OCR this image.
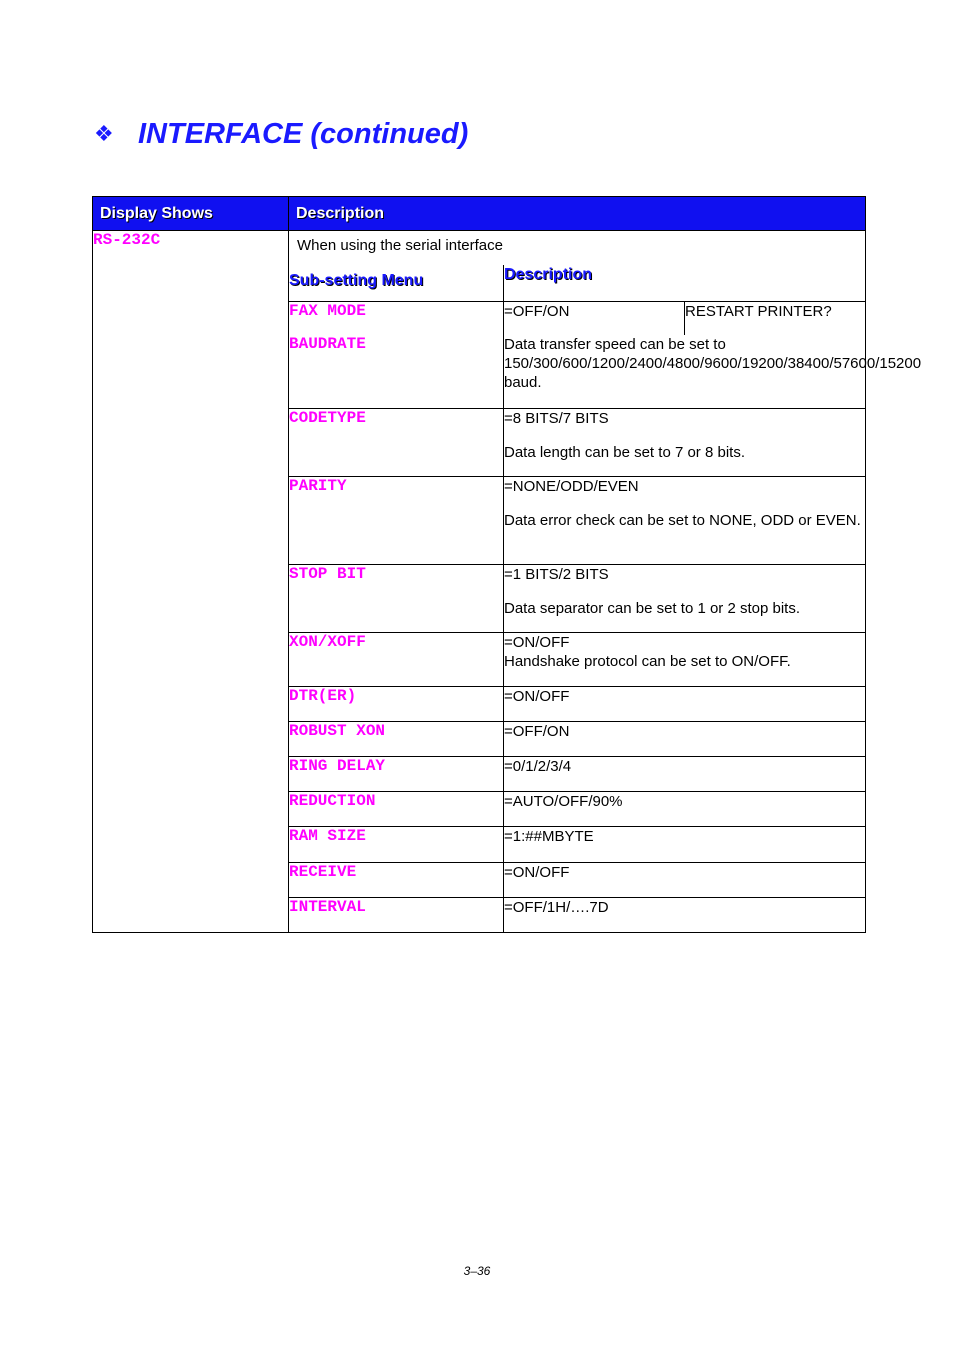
❖ INTERFACE (continued)
Display Shows	Description
RS-232C	When using the serial interface
Sub-setting Menu	Description
FAX MODE	=OFF/ON	RESTART PRINTER?
BAUDRATE	Data transfer speed can be set to 150/300/600/1200/2400/4800/9600/19200/38400/57600/15200 baud.

CODETYPE	=8 BITS/7 BITS
Data length can be set to 7 or 8 bits.

PARITY	=NONE/ODD/EVEN
Data error check can be set to NONE, ODD or EVEN.

STOP BIT	=1 BITS/2 BITS
Data separator can be set to 1 or 2 stop bits.

XON/XOFF	=ON/OFF
Handshake protocol can be set to ON/OFF.

DTR(ER)	=ON/OFF

ROBUST XON	=OFF/ON

RING DELAY	=0/1/2/3/4

REDUCTION	=AUTO/OFF/90%

RAM SIZE	=1:##MBYTE

RECEIVE	=ON/OFF

INTERVAL	=OFF/1H/….7D
3–36
